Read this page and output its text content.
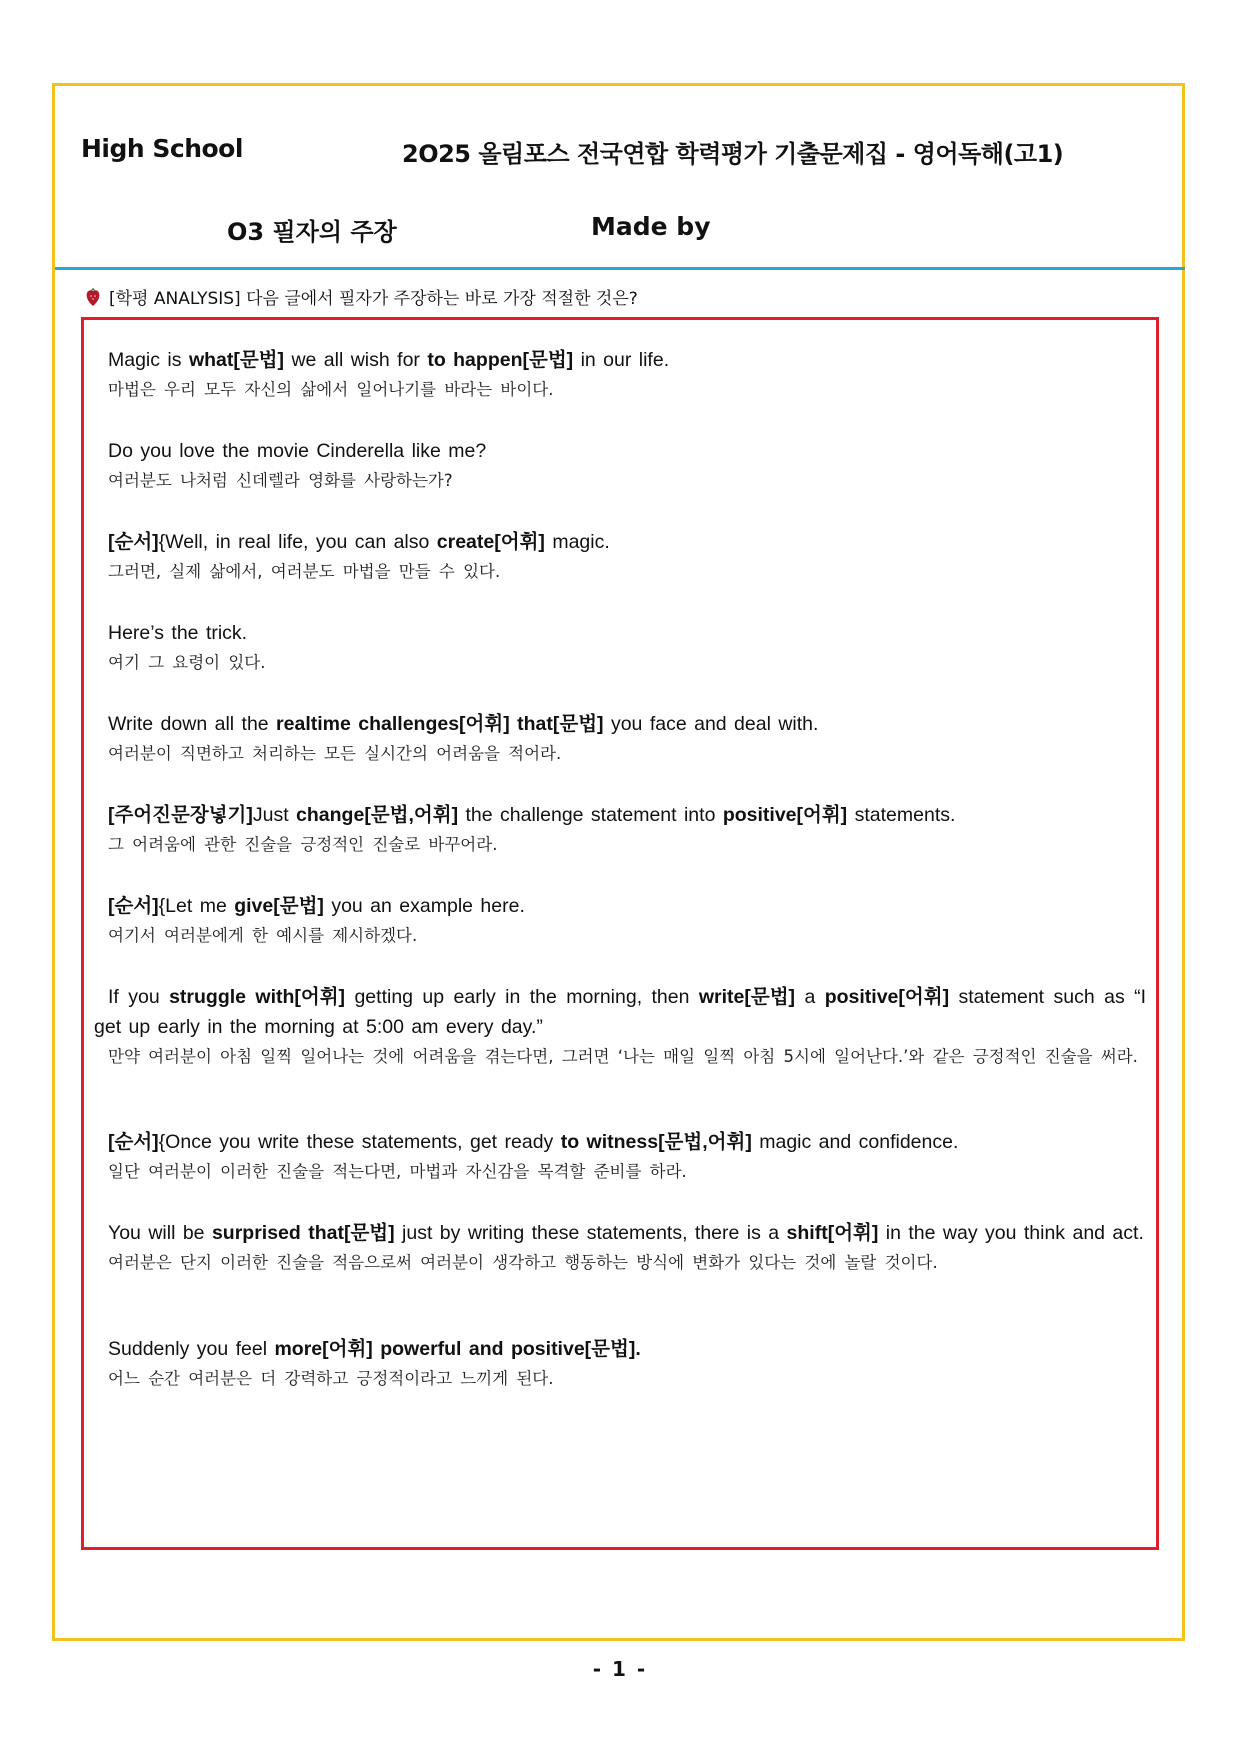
High School	2O25 올림포스 전국연합 학력평가 기출문제집 - 영어독해(고1)
O3 필자의 주장	Made by
[학평 ANALYSIS] 다음 글에서 필자가 주장하는 바로 가장 적절한 것은?

Magic is what[문법] we all wish for to happen[문법] in our life.

마법은 우리 모두 자신의 삶에서 일어나기를 바라는 바이다.

Do you love the movie Cinderella like me?

여러분도 나처럼 신데렐라 영화를 사랑하는가?

[순서]{Well, in real life, you can also create[어휘] magic.

그러면, 실제 삶에서, 여러분도 마법을 만들 수 있다.

Here’s the trick.

여기 그 요령이 있다.

Write down all the realtime challenges[어휘] that[문법] you face and deal with.

여러분이 직면하고 처리하는 모든 실시간의 어려움을 적어라.

[주어진문장넣기]Just change[문법,어휘] the challenge statement into positive[어휘] statements.

그 어려움에 관한 진술을 긍정적인 진술로 바꾸어라.

[순서]{Let me give[문법] you an example here.

여기서 여러분에게 한 예시를 제시하겠다.

If you struggle with[어휘] getting up early in the morning, then write[문법] a positive[어휘] statement such as “I get up early in the morning at 5:00 am every day.”

만약 여러분이 아침 일찍 일어나는 것에 어려움을 겪는다면, 그러면 ‘나는 매일 일찍 아침 5시에 일어난다.’와 같은 긍정적인 진술을 써라.

[순서]{Once you write these statements, get ready to witness[문법,어휘] magic and confidence.

일단 여러분이 이러한 진술을 적는다면, 마법과 자신감을 목격할 준비를 하라.

You will be surprised that[문법] just by writing these statements, there is a shift[어휘] in the way you think and act.

여러분은 단지 이러한 진술을 적음으로써 여러분이 생각하고 행동하는 방식에 변화가 있다는 것에 놀랄 것이다.

Suddenly you feel more[어휘] powerful and positive[문법].

어느 순간 여러분은 더 강력하고 긍정적이라고 느끼게 된다.

- 1 -
